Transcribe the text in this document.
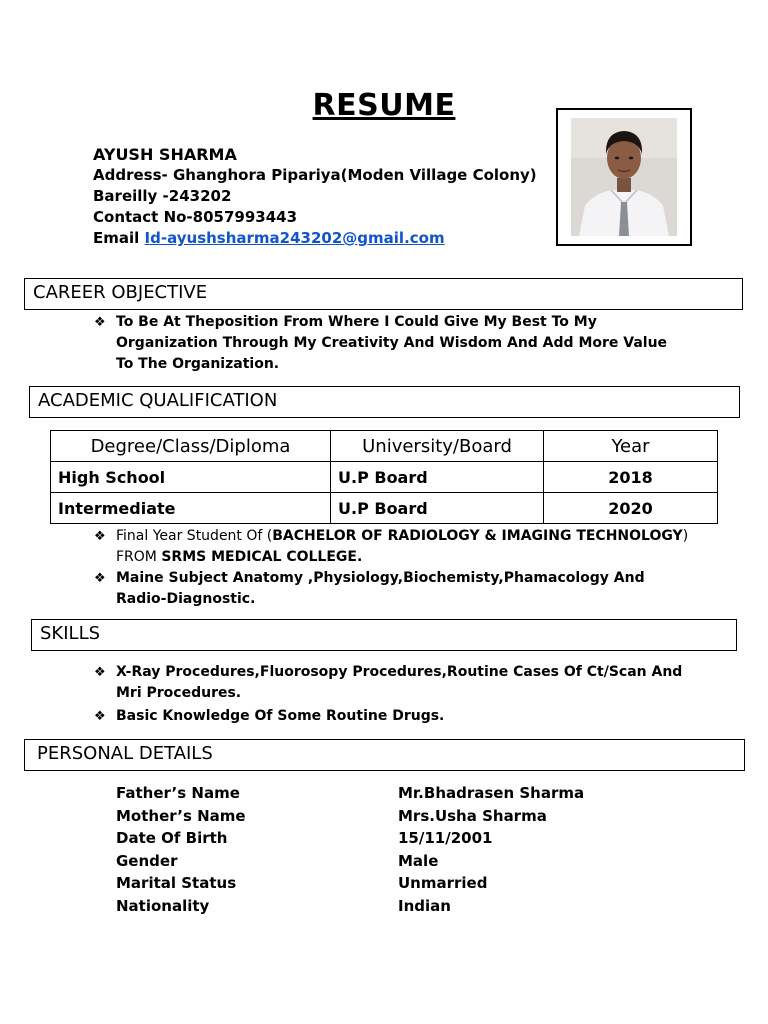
RESUME
AYUSH SHARMA
Address- Ghanghora Pipariya(Moden Village Colony)
Bareilly -243202
Contact No-8057993443
Email Id-ayushsharma243202@gmail.com
CAREER OBJECTIVE
❖ To Be At Theposition From Where I Could Give My Best To My Organization Through My Creativity And Wisdom And Add More Value To The Organization.
ACADEMIC QUALIFICATION
Degree/Class/Diploma	University/Board	Year
High School	U.P Board	2018
Intermediate	U.P Board	2020
❖ Final Year Student Of (BACHELOR OF RADIOLOGY & IMAGING TECHNOLOGY) FROM SRMS MEDICAL COLLEGE.
❖ Maine Subject Anatomy ,Physiology,Biochemisty,Phamacology And Radio-Diagnostic.
SKILLS
❖ X-Ray Procedures,Fluorosopy Procedures,Routine Cases Of Ct/Scan And Mri Procedures.
❖ Basic Knowledge Of Some Routine Drugs.
PERSONAL DETAILS
Father’s Name	Mr.Bhadrasen Sharma
Mother’s Name	Mrs.Usha Sharma
Date Of Birth	15/11/2001
Gender	Male
Marital Status	Unmarried
Nationality	Indian
